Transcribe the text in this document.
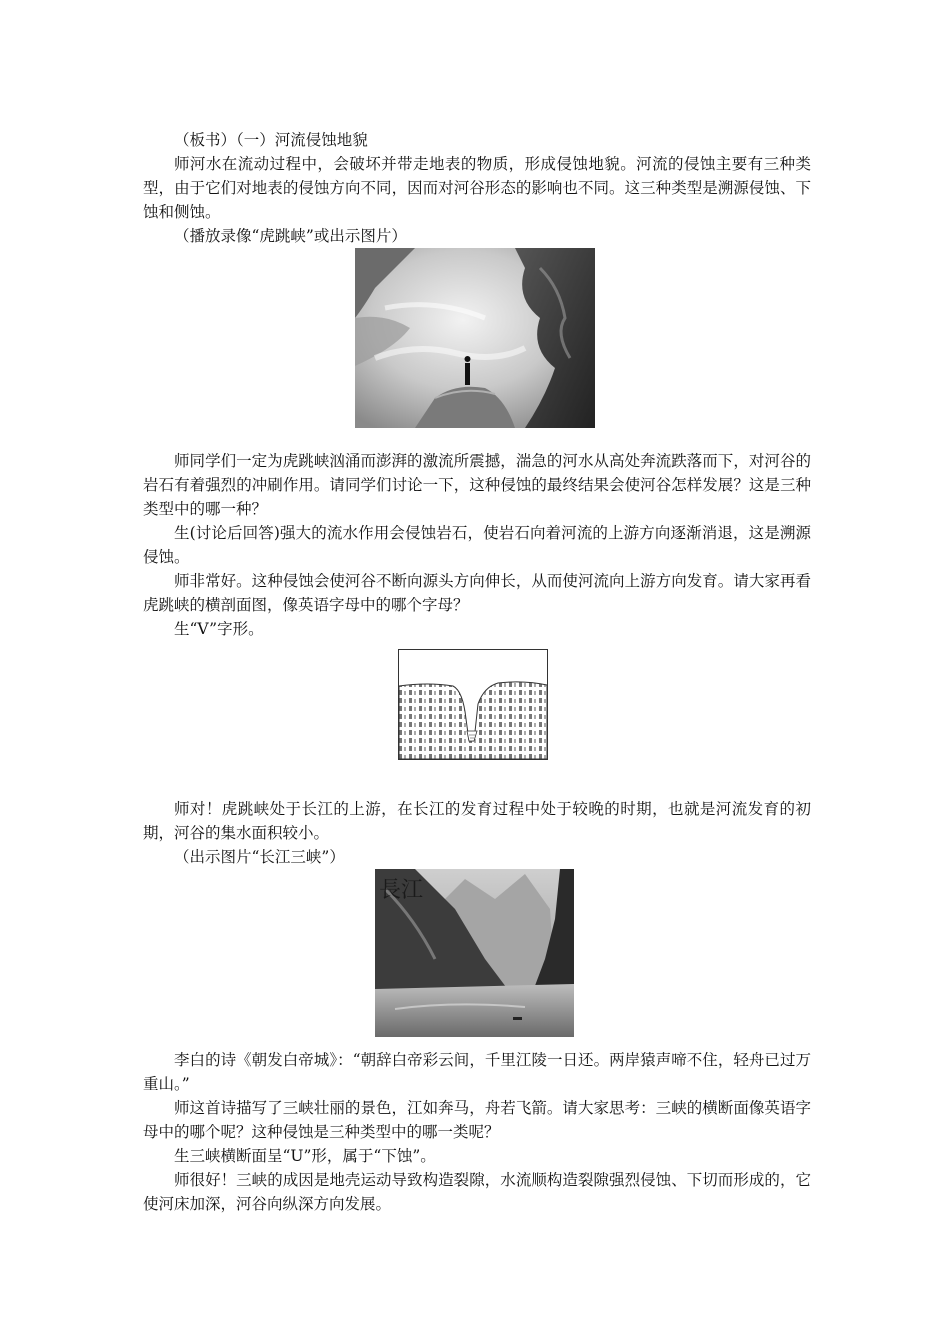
（板书）（一）河流侵蚀地貌

师河水在流动过程中，会破坏并带走地表的物质，形成侵蚀地貌。河流的侵蚀主要有三种类型，由于它们对地表的侵蚀方向不同，因而对河谷形态的影响也不同。这三种类型是溯源侵蚀、下蚀和侧蚀。

（播放录像“虎跳峡”或出示图片）

师同学们一定为虎跳峡汹涌而澎湃的激流所震撼，湍急的河水从高处奔流跌落而下，对河谷的岩石有着强烈的冲刷作用。请同学们讨论一下，这种侵蚀的最终结果会使河谷怎样发展？这是三种类型中的哪一种？

生(讨论后回答)强大的流水作用会侵蚀岩石，使岩石向着河流的上游方向逐渐消退，这是溯源侵蚀。

师非常好。这种侵蚀会使河谷不断向源头方向伸长，从而使河流向上游方向发育。请大家再看虎跳峡的横剖面图，像英语字母中的哪个字母？

生“V”字形。

师对！虎跳峡处于长江的上游，在长江的发育过程中处于较晚的时期，也就是河流发育的初期，河谷的集水面积较小。

（出示图片“长江三峡”）

長江

李白的诗《朝发白帝城》：“朝辞白帝彩云间，千里江陵一日还。两岸猿声啼不住，轻舟已过万重山。”

师这首诗描写了三峡壮丽的景色，江如奔马，舟若飞箭。请大家思考：三峡的横断面像英语字母中的哪个呢？这种侵蚀是三种类型中的哪一类呢？

生三峡横断面呈“U”形，属于“下蚀”。

师很好！三峡的成因是地壳运动导致构造裂隙，水流顺构造裂隙强烈侵蚀、下切而形成的，它使河床加深，河谷向纵深方向发展。
